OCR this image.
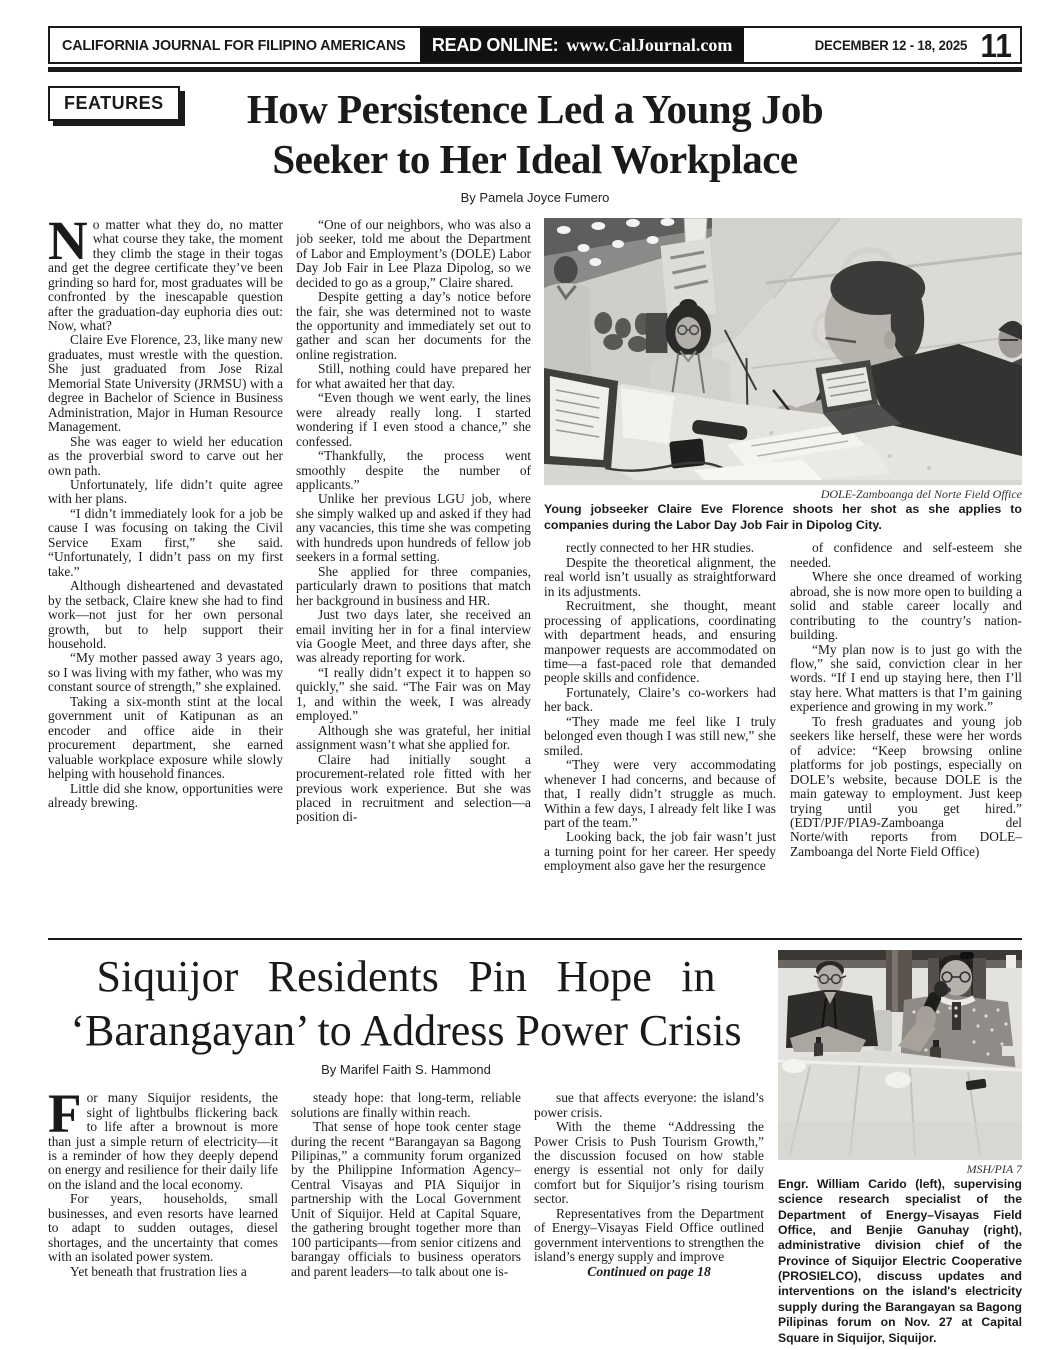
CALIFORNIA JOURNAL FOR FILIPINO AMERICANS READ ONLINE: www.CalJournal.com	DECEMBER 12 - 18, 2025 11
FEATURES	How Persistence Led a Young Job
Seeker to Her Ideal Workplace
By Pamela Joyce Fumero

No matter what they do, no matter what course they take, the moment they climb the stage in their togas and get the degree certificate they’ve been grinding so hard for, most graduates will be confronted by the inescapable question after the graduation-day euphoria dies out: Now, what?

Claire Eve Florence, 23, like many new graduates, must wrestle with the question. She just graduated from Jose Rizal Memorial State University (JRMSU) with a degree in Bachelor of Science in Business Administration, Major in Human Resource Management.

She was eager to wield her education as the proverbial sword to carve out her own path.

Unfortunately, life didn’t quite agree with her plans.

“I didn’t immediately look for a job be cause I was focusing on taking the Civil Service Exam first,” she said. “Unfortunately, I didn’t pass on my first take.”

Although disheartened and devastated by the setback, Claire knew she had to find work—not just for her own personal growth, but to help support their household.

“My mother passed away 3 years ago, so I was living with my father, who was my constant source of strength,” she explained.

Taking a six-month stint at the local government unit of Katipunan as an encoder and office aide in their procurement department, she earned valuable workplace exposure while slowly helping with household finances.

Little did she know, opportunities were already brewing.

“One of our neighbors, who was also a job seeker, told me about the Department of Labor and Employment’s (DOLE) Labor Day Job Fair in Lee Plaza Dipolog, so we decided to go as a group,” Claire shared.

Despite getting a day’s notice before the fair, she was determined not to waste the opportunity and immediately set out to gather and scan her documents for the online registration.

Still, nothing could have prepared her for what awaited her that day.

“Even though we went early, the lines were already really long. I started wondering if I even stood a chance,” she confessed.

“Thankfully, the process went smoothly despite the number of applicants.”

Unlike her previous LGU job, where she simply walked up and asked if they had any vacancies, this time she was competing with hundreds upon hundreds of fellow job seekers in a formal setting.

She applied for three companies, particularly drawn to positions that match her background in business and HR.

Just two days later, she received an email inviting her in for a final interview via Google Meet, and three days after, she was already reporting for work.

“I really didn’t expect it to happen so quickly,” she said. “The Fair was on May 1, and within the week, I was already employed.”

Although she was grateful, her initial assignment wasn’t what she applied for.

Claire had initially sought a procurement-related role fitted with her previous work experience. But she was placed in recruitment and selection—a position di-

DOLE-Zamboanga del Norte Field Office
Young jobseeker Claire Eve Florence shoots her shot as she applies to companies during the Labor Day Job Fair in Dipolog City.

rectly connected to her HR studies.

Despite the theoretical alignment, the real world isn’t usually as straightforward in its adjustments.

Recruitment, she thought, meant processing of applications, coordinating with department heads, and ensuring manpower requests are accommodated on time—a fast-paced role that demanded people skills and confidence.

Fortunately, Claire’s co-workers had her back.

“They made me feel like I truly belonged even though I was still new,” she smiled.

“They were very accommodating whenever I had concerns, and because of that, I really didn’t struggle as much. Within a few days, I already felt like I was part of the team.”

Looking back, the job fair wasn’t just a turning point for her career. Her speedy employment also gave her the resurgence

of confidence and self-esteem she needed.

Where she once dreamed of working abroad, she is now more open to building a solid and stable career locally and contributing to the country’s nation-building.

“My plan now is to just go with the flow,” she said, conviction clear in her words. “If I end up staying here, then I’ll stay here. What matters is that I’m gaining experience and growing in my work.”

To fresh graduates and young job seekers like herself, these were her words of advice: “Keep browsing online platforms for job postings, especially on DOLE’s website, because DOLE is the main gateway to employment. Just keep trying until you get hired.” (EDT/PJF/PIA9-Zamboanga del Norte/with reports from DOLE–Zamboanga del Norte Field Office)

Siquijor Residents Pin Hope in
‘Barangayan’ to Address Power Crisis
By Marifel Faith S. Hammond

For many Siquijor residents, the sight of lightbulbs flickering back to life after a brownout is more than just a simple return of electricity—it is a reminder of how they deeply depend on energy and resilience for their daily life on the island and the local economy.

For years, households, small businesses, and even resorts have learned to adapt to sudden outages, diesel shortages, and the uncertainty that comes with an isolated power system.

Yet beneath that frustration lies a

steady hope: that long-term, reliable solutions are finally within reach.

That sense of hope took center stage during the recent “Barangayan sa Bagong Pilipinas,” a community forum organized by the Philippine Information Agency–Central Visayas and PIA Siquijor in partnership with the Local Government Unit of Siquijor. Held at Capital Square, the gathering brought together more than 100 participants—from senior citizens and barangay officials to business operators and parent leaders—to talk about one is-

sue that affects everyone: the island’s power crisis.

With the theme “Addressing the Power Crisis to Push Tourism Growth,” the discussion focused on how stable energy is essential not only for daily comfort but for Siquijor’s rising tourism sector.

Representatives from the Department of Energy–Visayas Field Office outlined government interventions to strengthen the island’s energy supply and improve

Continued on page 18

MSH/PIA 7
Engr. William Carido (left), supervising science research specialist of the Department of Energy–Visayas Field Office, and Benjie Ganuhay (right), administrative division chief of the Province of Siquijor Electric Cooperative (PROSIELCO), discuss updates and interventions on the island's electricity supply during the Barangayan sa Bagong Pilipinas forum on Nov. 27 at Capital Square in Siquijor, Siquijor.
